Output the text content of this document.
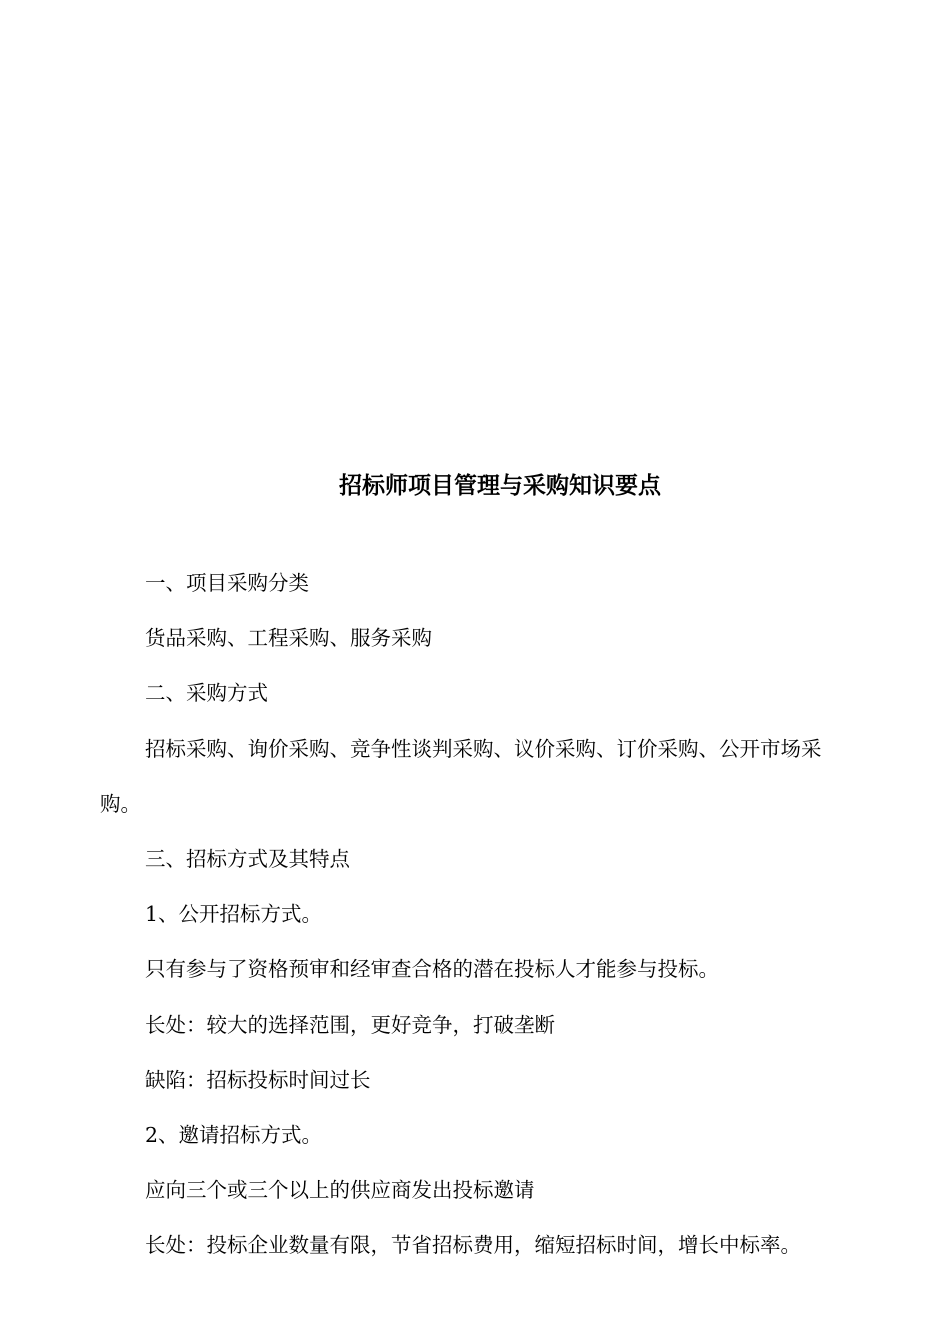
招标师项目管理与采购知识要点

一、项目采购分类

货品采购、工程采购、服务采购

二、采购方式

招标采购、询价采购、竞争性谈判采购、议价采购、订价采购、公开市场采购。

三、招标方式及其特点

1、公开招标方式。

只有参与了资格预审和经审查合格的潜在投标人才能参与投标。

长处：较大的选择范围，更好竞争，打破垄断

缺陷：招标投标时间过长

2、邀请招标方式。

应向三个或三个以上的供应商发出投标邀请

长处：投标企业数量有限，节省招标费用，缩短招标时间，增长中标率。
